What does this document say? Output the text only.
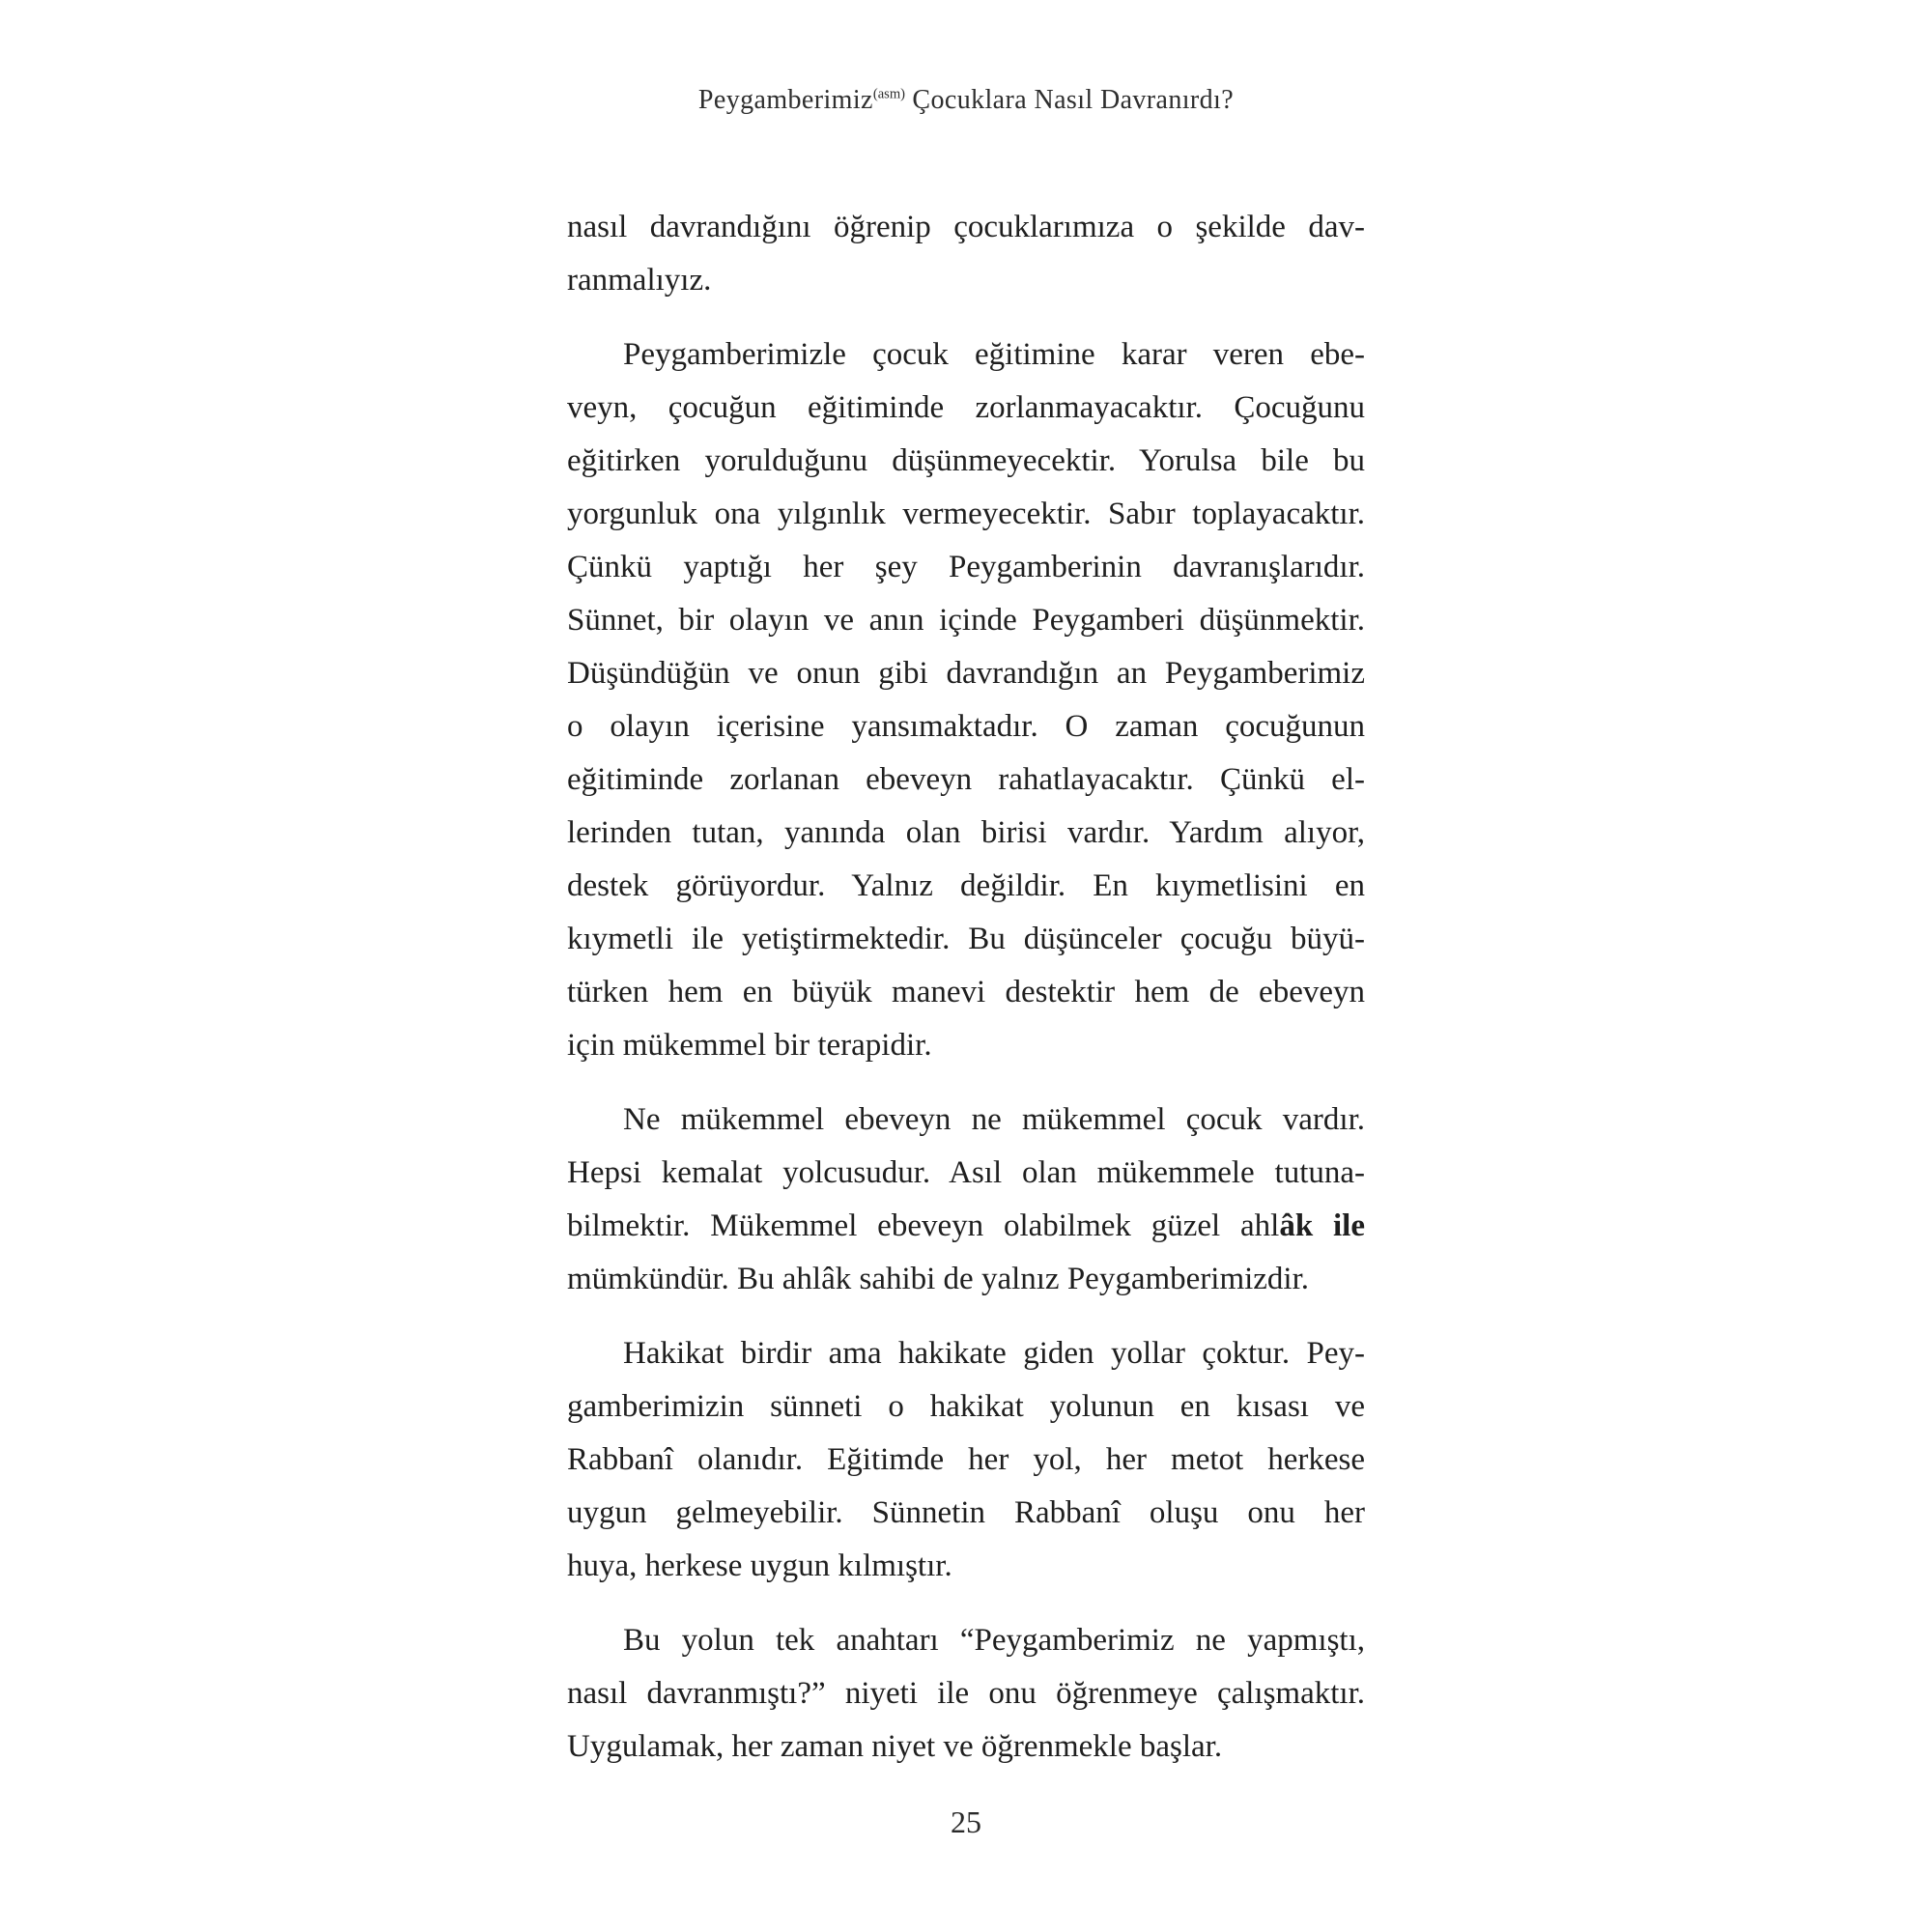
Peygamberimiz$^{(asm)}$ Çocuklara Nasıl Davranırdı?
nasıl davrandığını öğrenip çocuklarımıza o şekilde dav-
ranmalıyız.
Peygamberimizle çocuk eğitimine karar veren ebe-
veyn, çocuğun eğitiminde zorlanmayacaktır. Çocuğunu
eğitirken yorulduğunu düşünmeyecektir. Yorulsa bile bu
yorgunluk ona yılgınlık vermeyecektir. Sabır toplayacaktır.
Çünkü yaptığı her şey Peygamberinin davranışlarıdır.
Sünnet, bir olayın ve anın içinde Peygamberi düşünmektir.
Düşündüğün ve onun gibi davrandığın an Peygamberimiz
o olayın içerisine yansımaktadır. O zaman çocuğunun
eğitiminde zorlanan ebeveyn rahatlayacaktır. Çünkü el-
lerinden tutan, yanında olan birisi vardır. Yardım alıyor,
destek görüyordur. Yalnız değildir. En kıymetlisini en
kıymetli ile yetiştirmektedir. Bu düşünceler çocuğu büyü-
türken hem en büyük manevi destektir hem de ebeveyn
için mükemmel bir terapidir.
Ne mükemmel ebeveyn ne mükemmel çocuk vardır.
Hepsi kemalat yolcusudur. Asıl olan mükemmele tutuna-
bilmektir. Mükemmel ebeveyn olabilmek güzel ahlâk ile
mümkündür. Bu ahlâk sahibi de yalnız Peygamberimizdir.
Hakikat birdir ama hakikate giden yollar çoktur. Pey-
gamberimizin sünneti o hakikat yolunun en kısası ve
Rabbanî olanıdır. Eğitimde her yol, her metot herkese
uygun gelmeyebilir. Sünnetin Rabbanî oluşu onu her
huya, herkese uygun kılmıştır.
Bu yolun tek anahtarı “Peygamberimiz ne yapmıştı,
nasıl davranmıştı?” niyeti ile onu öğrenmeye çalışmaktır.
Uygulamak, her zaman niyet ve öğrenmekle başlar.
25
